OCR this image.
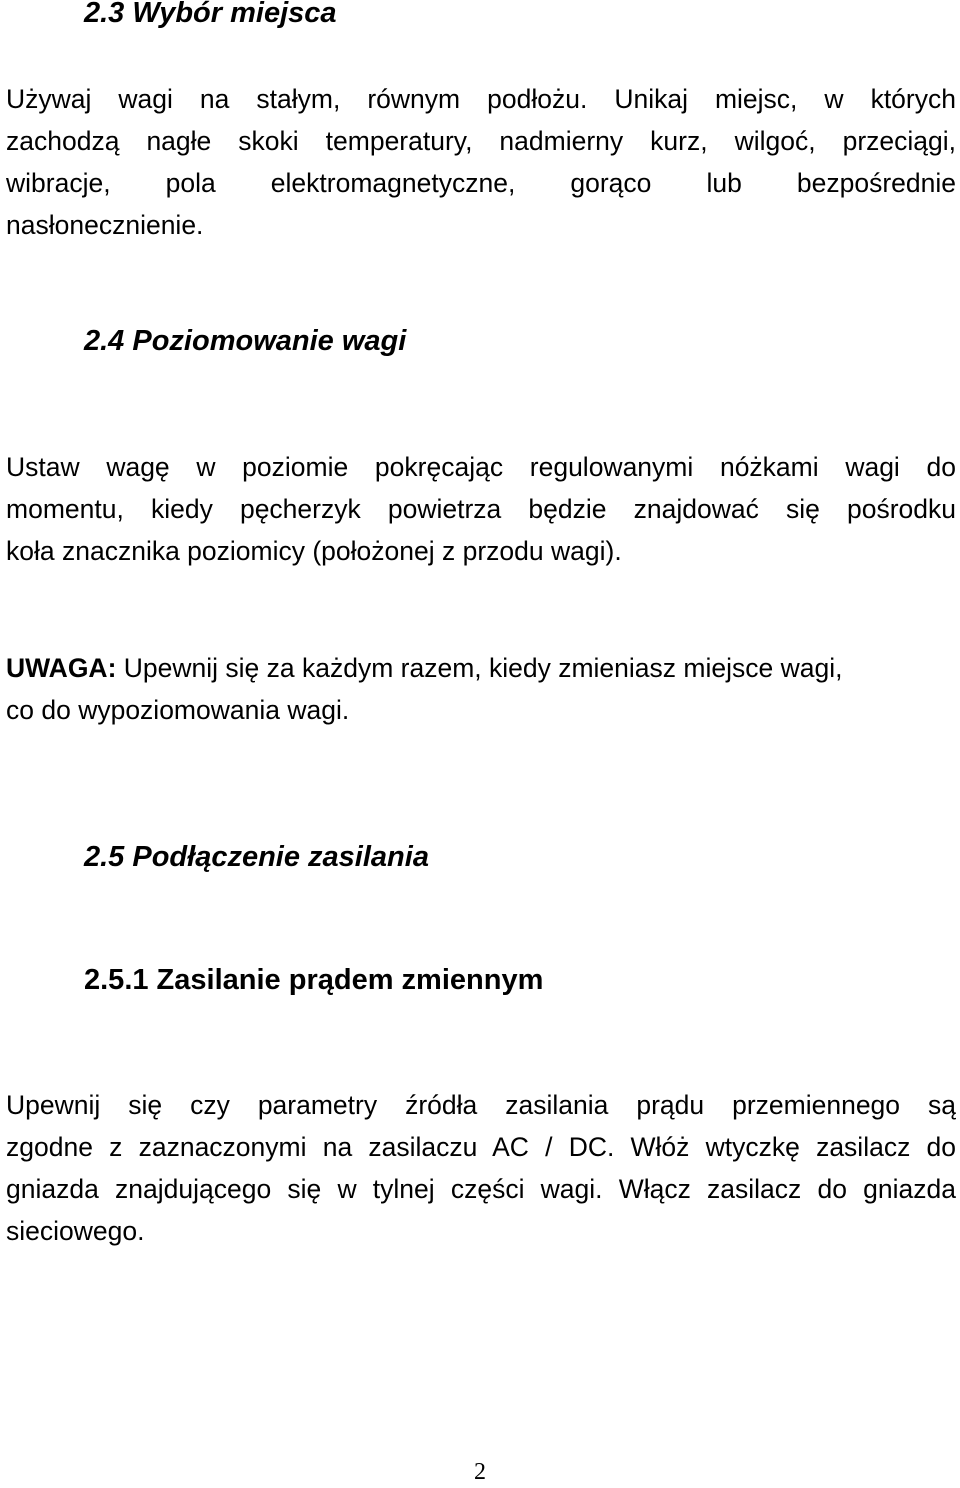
2.3 Wybór miejsca
Używaj wagi na stałym, równym podłożu. Unikaj miejsc, w których
zachodzą nagłe skoki temperatury, nadmierny kurz, wilgoć, przeciągi,
wibracje, pola elektromagnetyczne, gorąco lub bezpośrednie
nasłonecznienie.
2.4 Poziomowanie wagi
Ustaw wagę w poziomie pokręcając regulowanymi nóżkami wagi do
momentu, kiedy pęcherzyk powietrza będzie znajdować się pośrodku
koła znacznika poziomicy (położonej z przodu wagi).
UWAGA: Upewnij się za każdym razem, kiedy zmieniasz miejsce wagi,
co do wypoziomowania wagi.
2.5 Podłączenie zasilania
2.5.1 Zasilanie prądem zmiennym
Upewnij się czy parametry źródła zasilania prądu przemiennego są
zgodne z zaznaczonymi na zasilaczu AC / DC. Włóż wtyczkę zasilacz do
gniazda znajdującego się w tylnej części wagi. Włącz zasilacz do gniazda
sieciowego.
2
